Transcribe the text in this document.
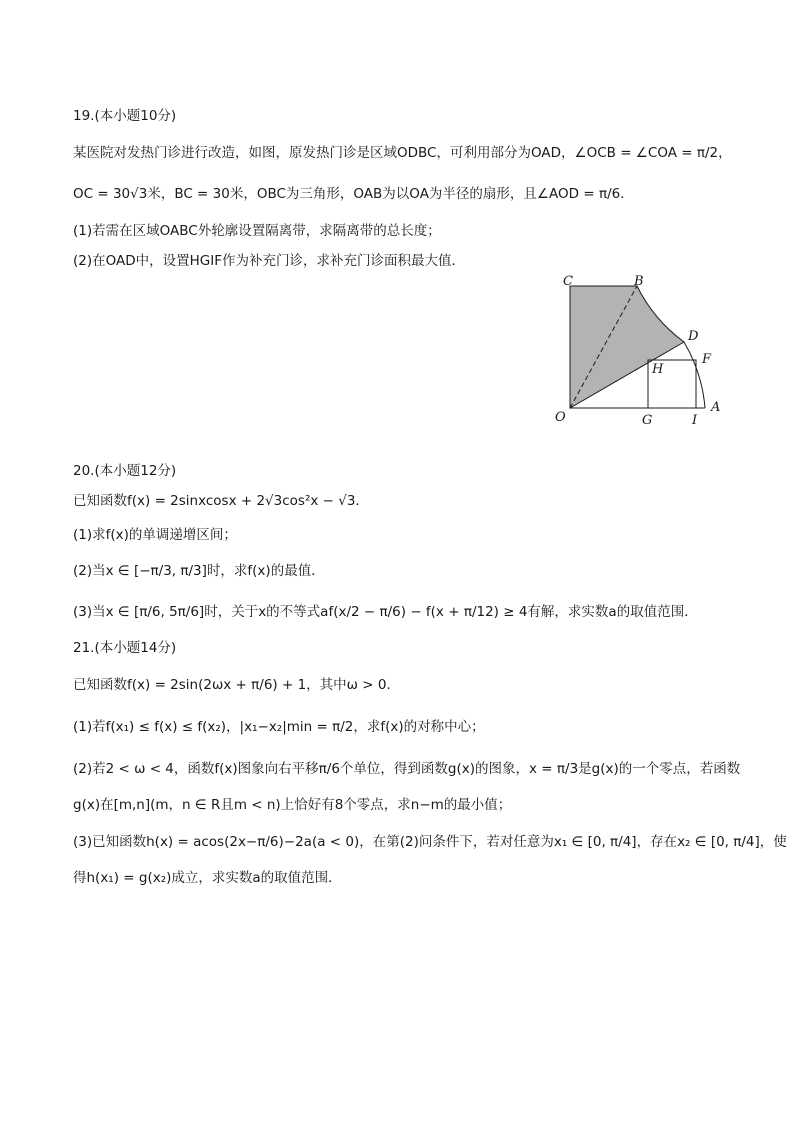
19.(本小题10分)
某医院对发热门诊进行改造，如图，原发热门诊是区域ODBC，可利用部分为OAD，∠OCB = ∠COA = π/2，
OC = 30√3米，BC = 30米，OBC为三角形，OAB为以OA为半径的扇形，且∠AOD = π/6．
(1)若需在区域OABC外轮廓设置隔离带，求隔离带的总长度；
(2)在OAD中，设置HGIF作为补充门诊，求补充门诊面积最大值．
C	B
D
F
H
A
O	G	I
20.(本小题12分)
已知函数f(x) = 2sinxcosx + 2√3cos²x − √3．
(1)求f(x)的单调递增区间；
(2)当x ∈ [−π/3, π/3]时，求f(x)的最值．
(3)当x ∈ [π/6, 5π/6]时，关于x的不等式af(x/2 − π/6) − f(x + π/12) ≥ 4有解，求实数a的取值范围．
21.(本小题14分)
已知函数f(x) = 2sin(2ωx + π/6) + 1，其中ω > 0．
(1)若f(x₁) ≤ f(x) ≤ f(x₂)，|x₁−x₂|min = π/2，求f(x)的对称中心；
(2)若2 < ω < 4，函数f(x)图象向右平移π/6个单位，得到函数g(x)的图象，x = π/3是g(x)的一个零点，若函数
g(x)在[m,n](m，n ∈ R且m < n)上恰好有8个零点，求n−m的最小值；
(3)已知函数h(x) = acos(2x−π/6)−2a(a < 0)，在第(2)问条件下，若对任意为x₁ ∈ [0, π/4]，存在x₂ ∈ [0, π/4]，使
得h(x₁) = g(x₂)成立，求实数a的取值范围．
